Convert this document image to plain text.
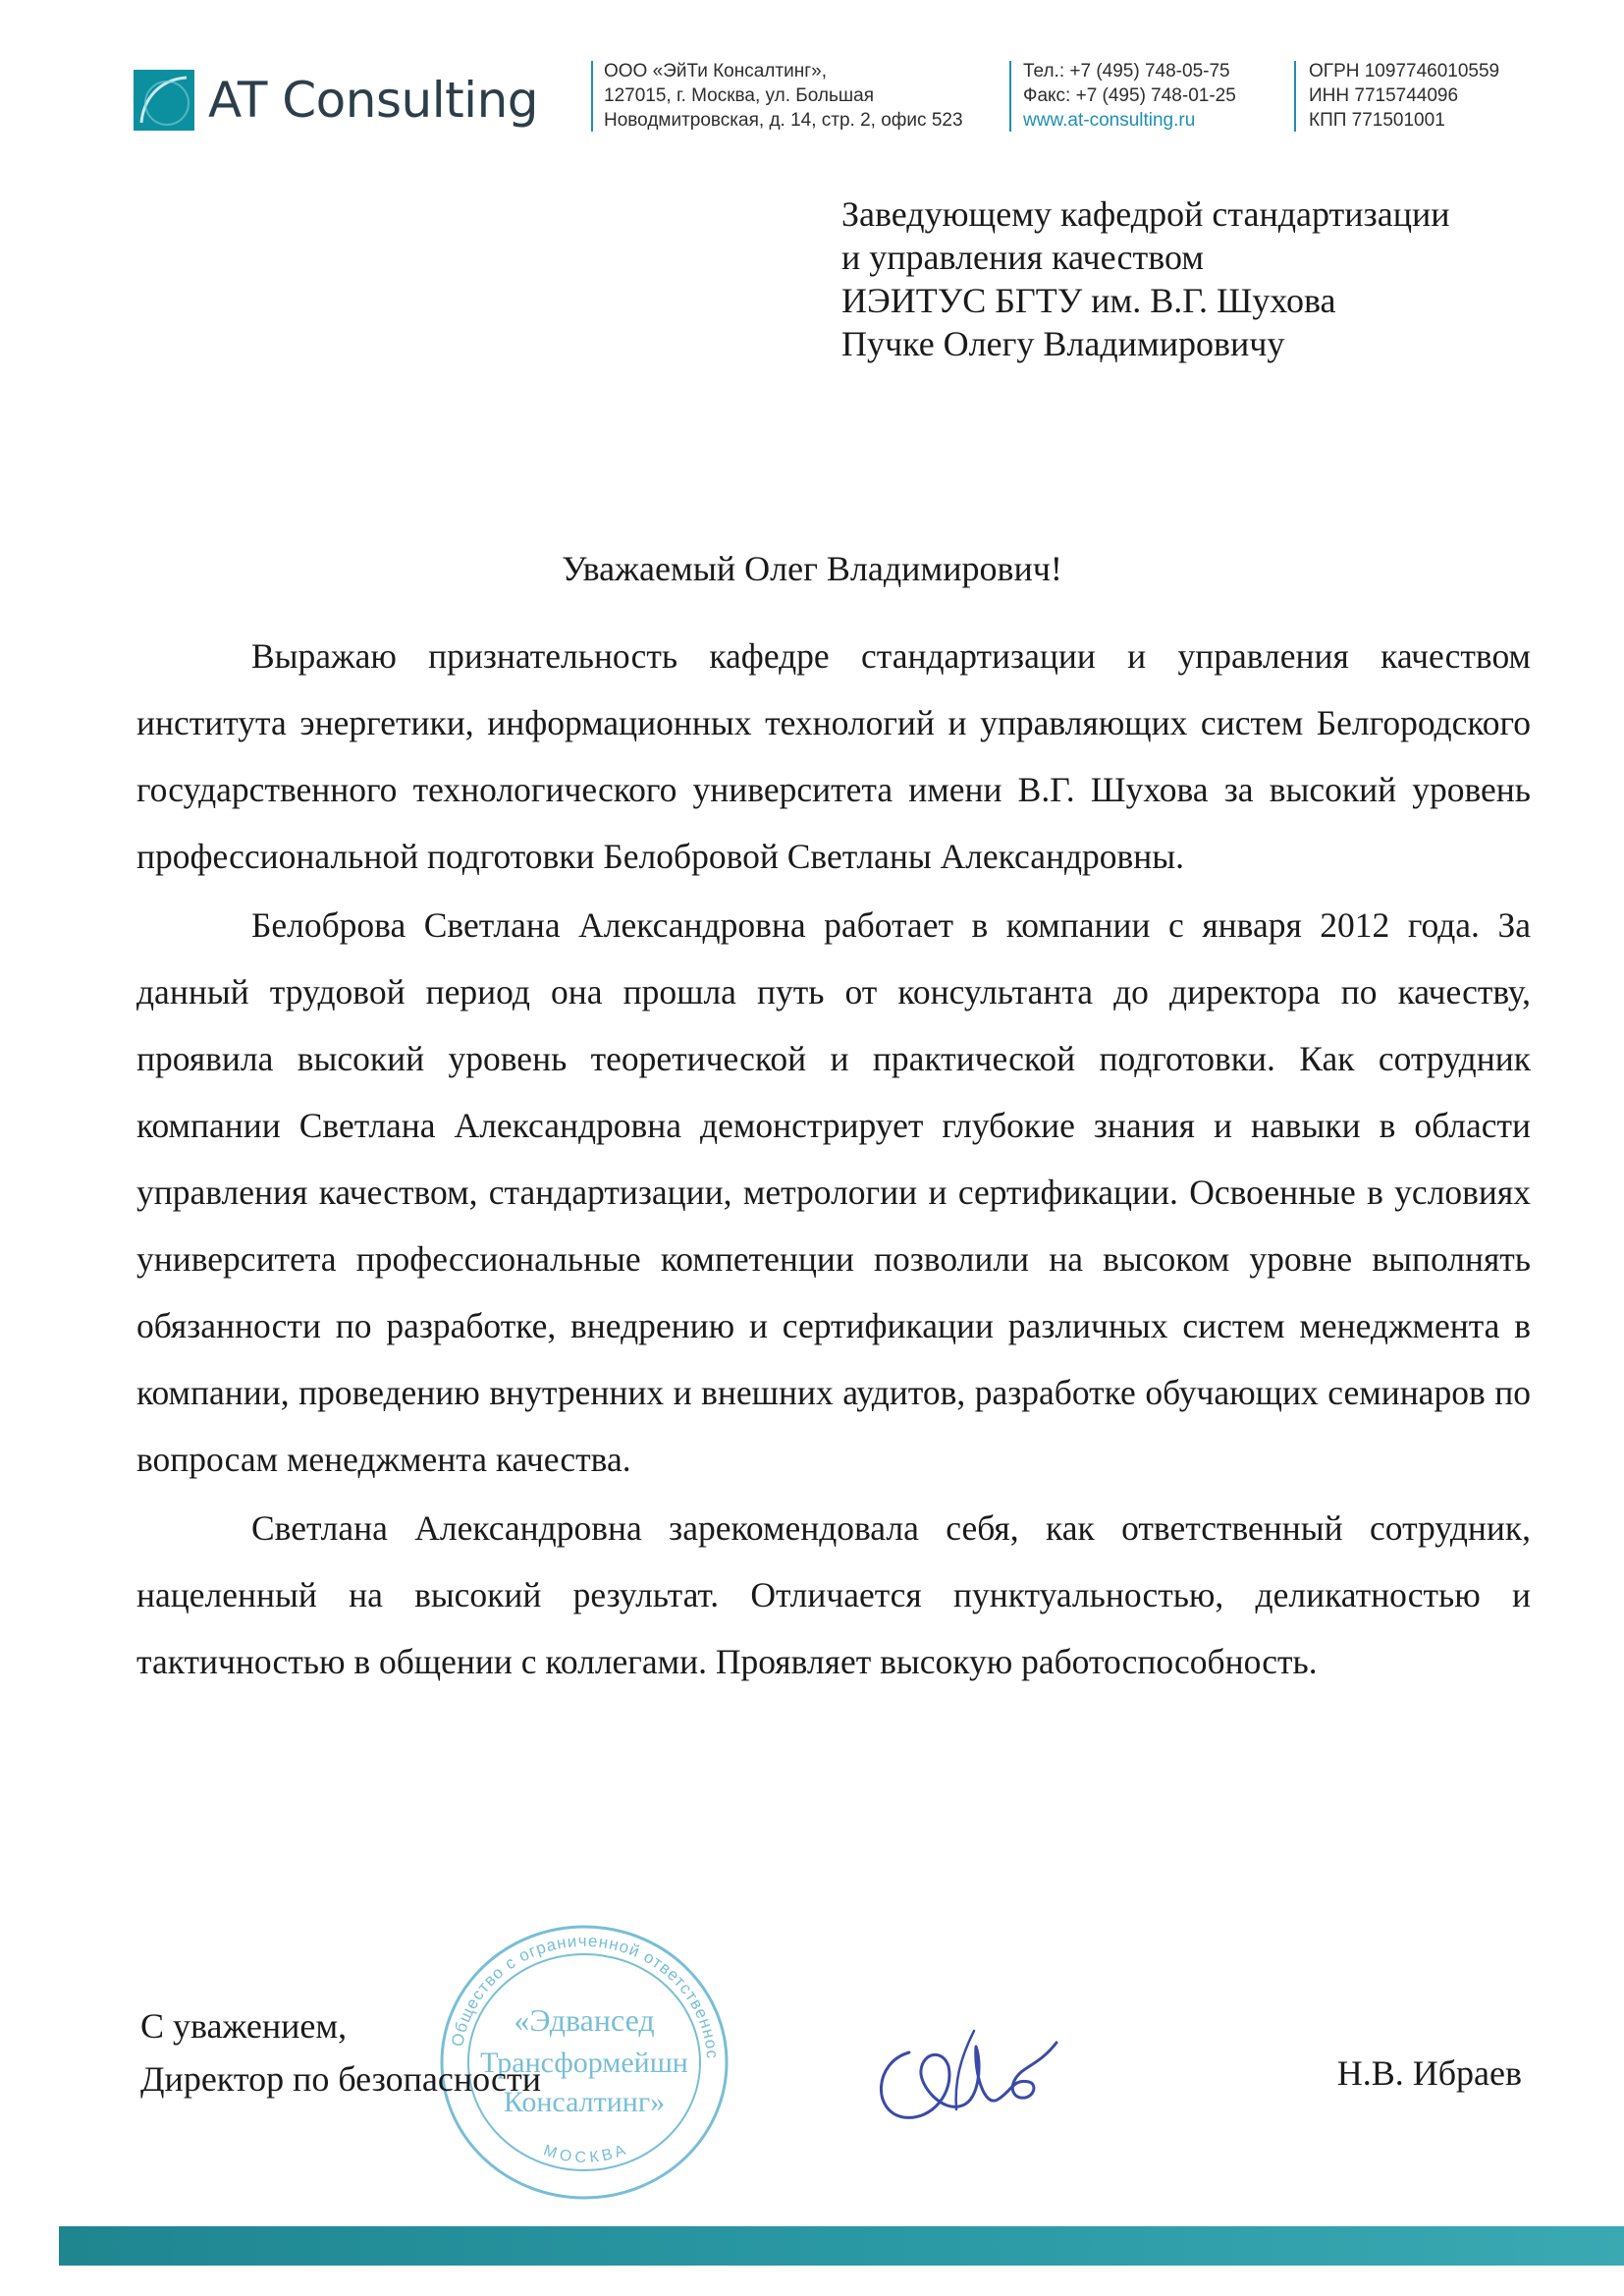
AT Consulting
ООО «ЭйТи Консалтинг»,
127015, г. Москва, ул. Большая
Новодмитровская, д. 14, стр. 2, офис 523
Тел.: +7 (495) 748-05-75
Факс: +7 (495) 748-01-25
www.at-consulting.ru
ОГРН 1097746010559
ИНН 7715744096
КПП 771501001
Заведующему кафедрой стандартизации
и управления качеством
ИЭИТУС БГТУ им. В.Г. Шухова
Пучке Олегу Владимировичу
Уважаемый Олег Владимирович!

Выражаю признательность кафедре стандартизации и управления качеством института энергетики, информационных технологий и управляющих систем Белгородского государственного технологического университета имени В.Г. Шухова за высокий уровень профессиональной подготовки Белобровой Светланы Александровны.

Белоброва Светлана Александровна работает в компании с января 2012 года. За данный трудовой период она прошла путь от консультанта до директора по качеству, проявила высокий уровень теоретической и практической подготовки. Как сотрудник компании Светлана Александровна демонстрирует глубокие знания и навыки в области управления качеством, стандартизации, метрологии и сертификации. Освоенные в условиях университета профессиональные компетенции позволили на высоком уровне выполнять обязанности по разработке, внедрению и сертификации различных систем менеджмента в компании, проведению внутренних и внешних аудитов, разработке обучающих семинаров по вопросам менеджмента качества.

Светлана Александровна зарекомендовала себя, как ответственный сотрудник, нацеленный на высокий результат. Отличается пунктуальностью, деликатностью и тактичностью в общении с коллегами. Проявляет высокую работоспособность.

Общество с ограниченной ответственнос
МОСКВА
«Эдвансед
Трансформейшн
Консалтинг»
С уважением,
Директор по безопасности	Н.В. Ибраев
